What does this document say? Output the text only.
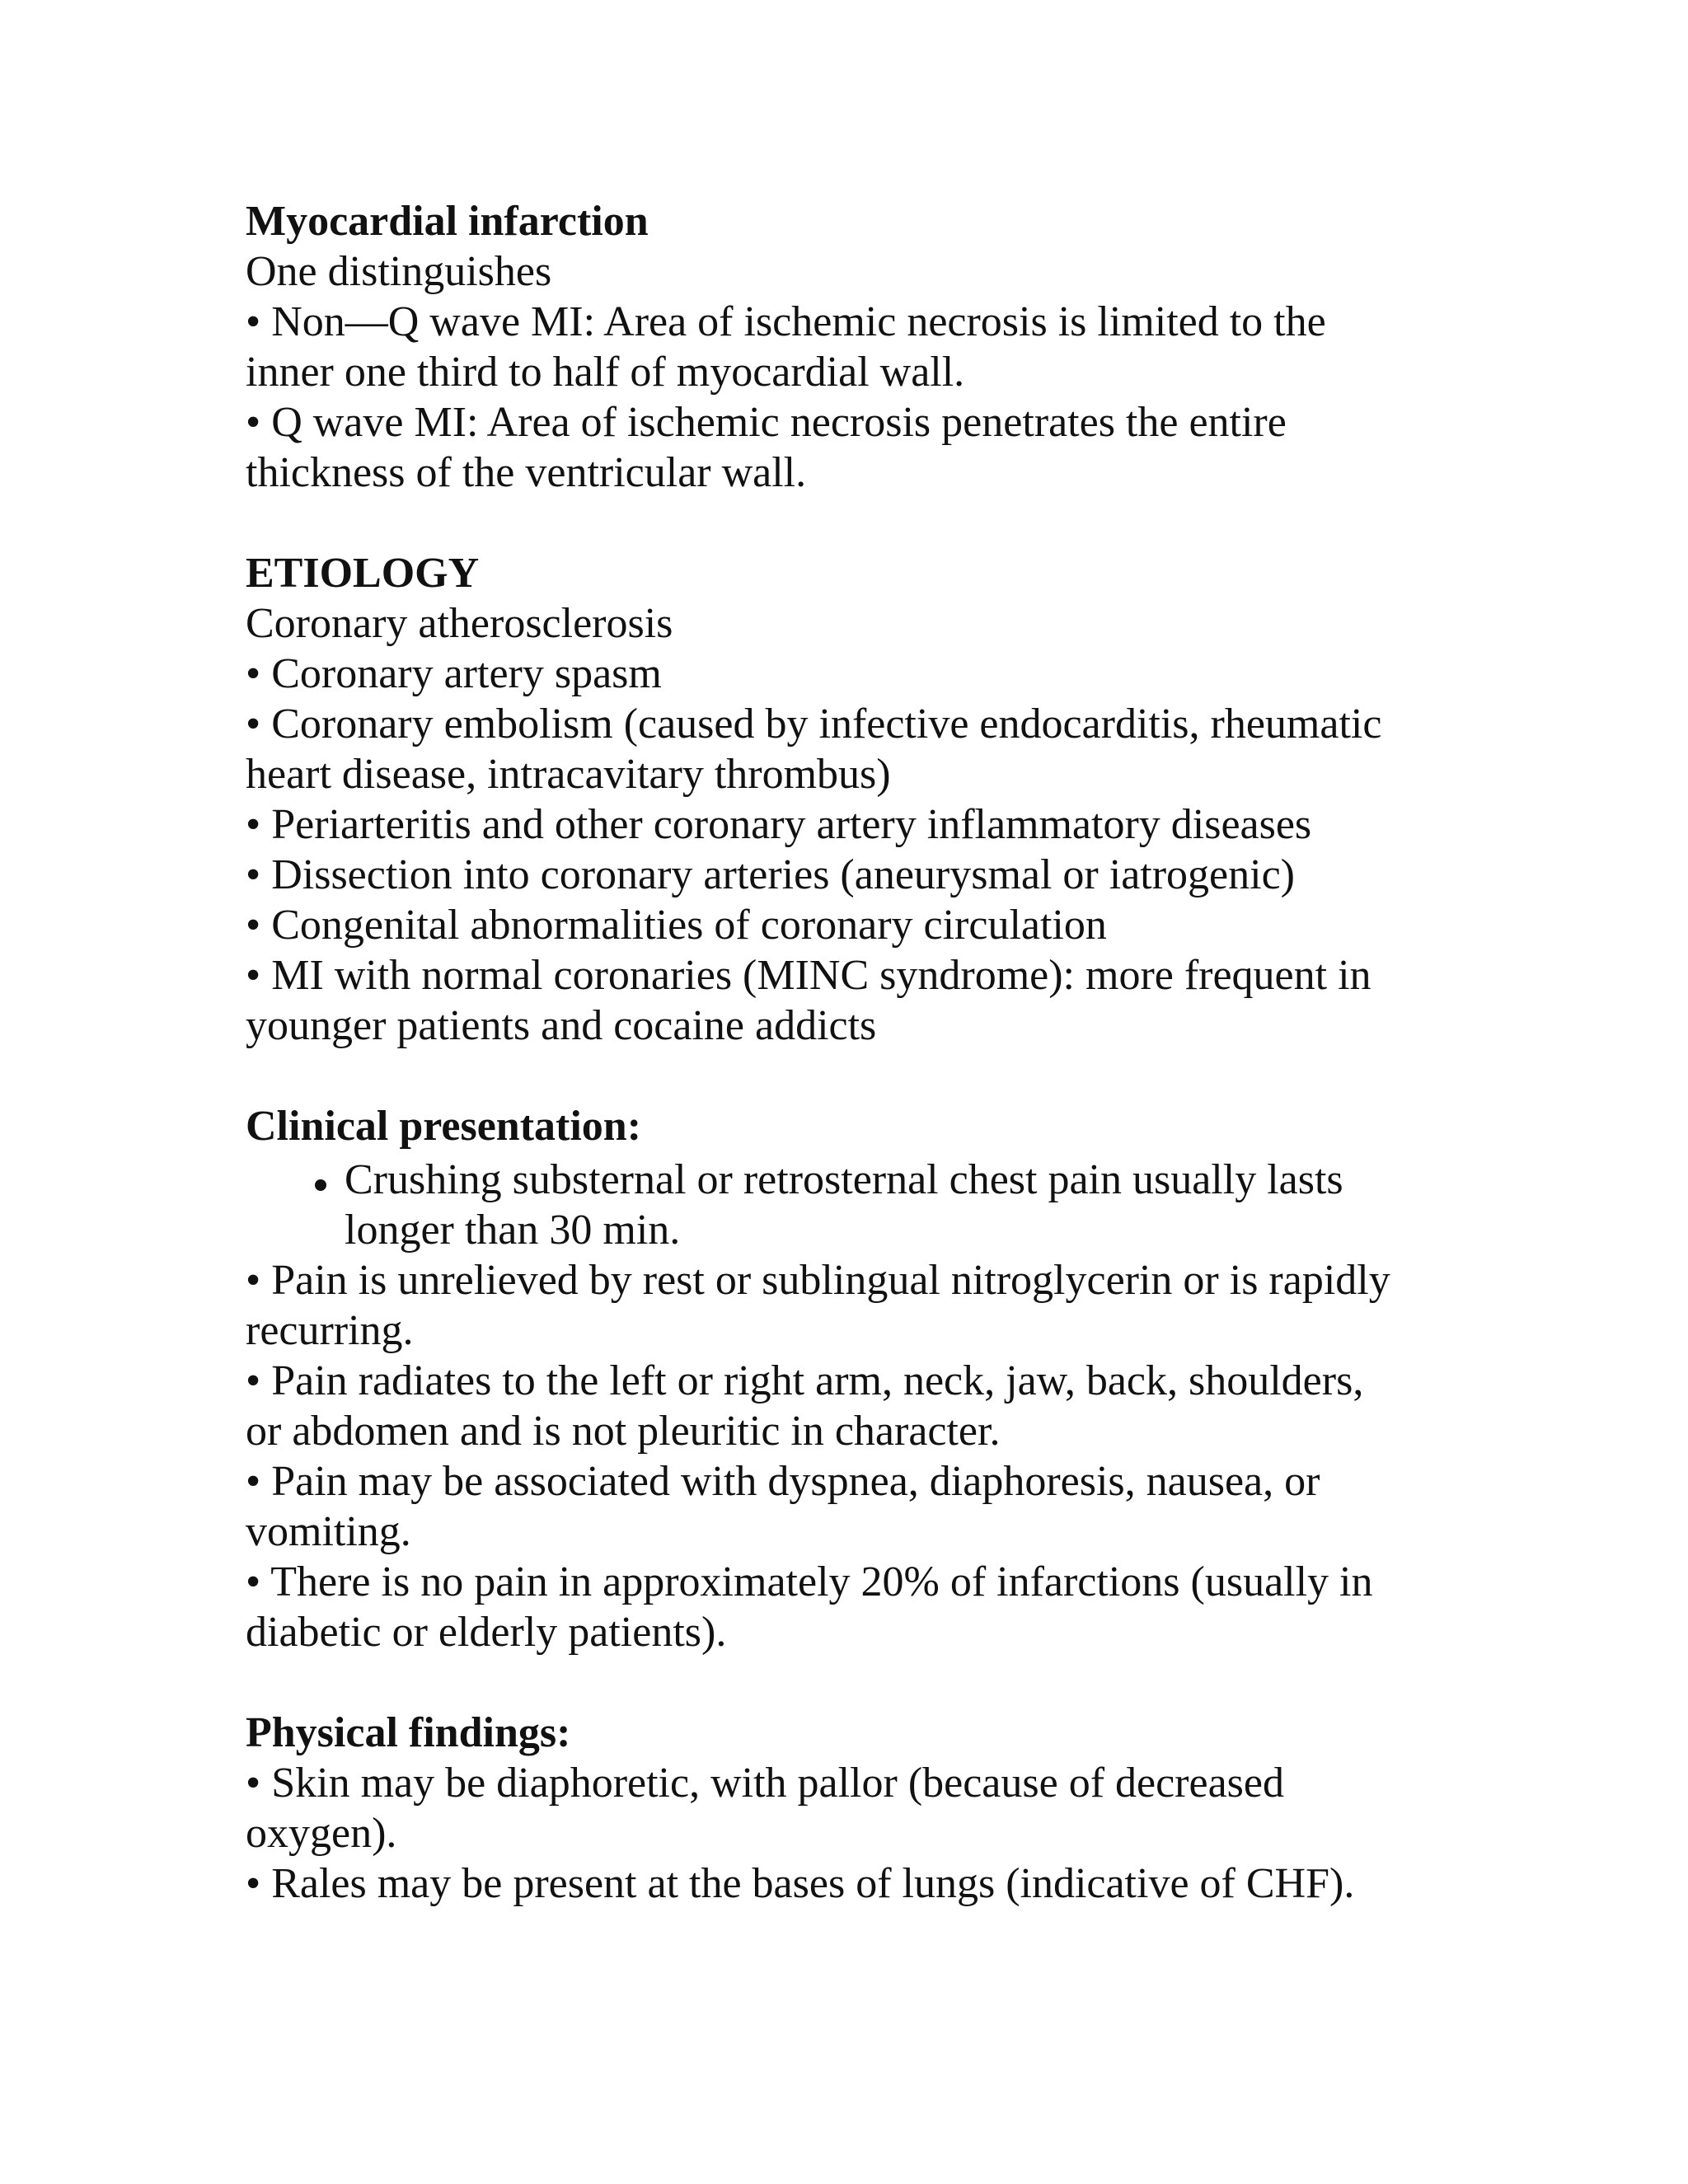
Myocardial infarction
One distinguishes
• Non—Q wave MI: Area of ischemic necrosis is limited to the
inner one third to half of myocardial wall.
• Q wave MI: Area of ischemic necrosis penetrates the entire
thickness of the ventricular wall.
ETIOLOGY
Coronary atherosclerosis
• Coronary artery spasm
• Coronary embolism (caused by infective endocarditis, rheumatic
heart disease, intracavitary thrombus)
• Periarteritis and other coronary artery inflammatory diseases
• Dissection into coronary arteries (aneurysmal or iatrogenic)
• Congenital abnormalities of coronary circulation
• MI with normal coronaries (MINC syndrome): more frequent in
younger patients and cocaine addicts
Clinical presentation:
Crushing substernal or retrosternal chest pain usually lasts
longer than 30 min.
• Pain is unrelieved by rest or sublingual nitroglycerin or is rapidly
recurring.
• Pain radiates to the left or right arm, neck, jaw, back, shoulders,
or abdomen and is not pleuritic in character.
• Pain may be associated with dyspnea, diaphoresis, nausea, or
vomiting.
• There is no pain in approximately 20% of infarctions (usually in
diabetic or elderly patients).
Physical findings:
• Skin may be diaphoretic, with pallor (because of decreased
oxygen).
• Rales may be present at the bases of lungs (indicative of CHF).
